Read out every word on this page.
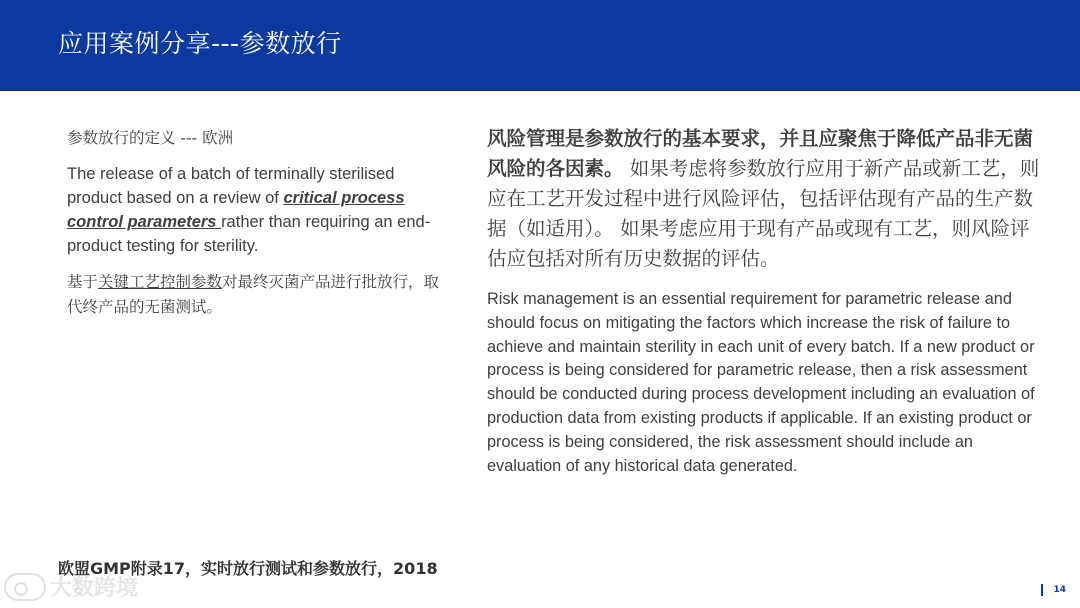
应用案例分享---参数放行
参数放行的定义 --- 欧洲

The release of a batch of terminally sterilised product based on a review of critical process control parameters rather than requiring an end-product testing for sterility.

基于关键工艺控制参数对最终灭菌产品进行批放行，取代终产品的无菌测试。

风险管理是参数放行的基本要求，并且应聚焦于降低产品非无菌风险的各因素。 如果考虑将参数放行应用于新产品或新工艺，则应在工艺开发过程中进行风险评估，包括评估现有产品的生产数据（如适用）。 如果考虑应用于现有产品或现有工艺，则风险评估应包括对所有历史数据的评估。

Risk management is an essential requirement for parametric release and should focus on mitigating the factors which increase the risk of failure to achieve and maintain sterility in each unit of every batch. If a new product or process is being considered for parametric release, then a risk assessment should be conducted during process development including an evaluation of production data from existing products if applicable. If an existing product or process is being considered, the risk assessment should include an evaluation of any historical data generated.

欧盟GMP附录17，实时放行测试和参数放行，2018
大数跨境	14
